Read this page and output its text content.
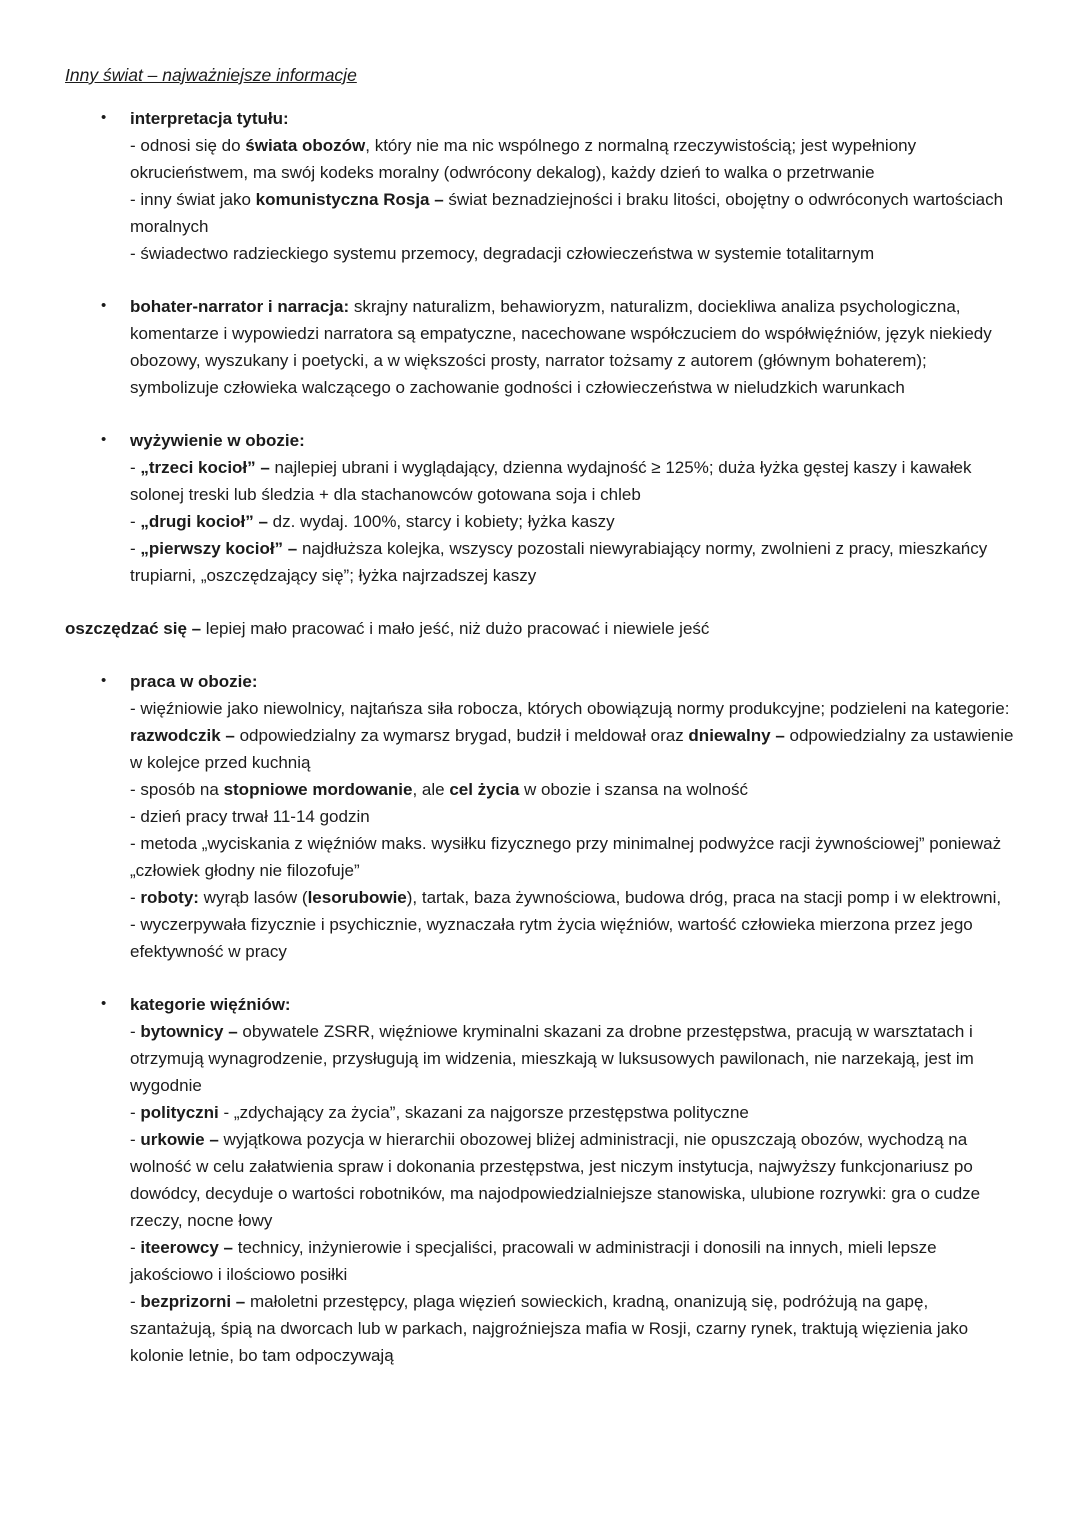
Inny świat – najważniejsze informacje
• interpretacja tytułu:
- odnosi się do świata obozów, który nie ma nic wspólnego z normalną rzeczywistością; jest wypełniony okrucieństwem, ma swój kodeks moralny (odwrócony dekalog), każdy dzień to walka o przetrwanie
- inny świat jako komunistyczna Rosja – świat beznadziejności i braku litości, obojętny o odwróconych wartościach moralnych
- świadectwo radzieckiego systemu przemocy, degradacji człowieczeństwa w systemie totalitarnym
• bohater-narrator i narracja: skrajny naturalizm, behawioryzm, naturalizm, dociekliwa analiza psychologiczna, komentarze i wypowiedzi narratora są empatyczne, nacechowane współczuciem do współwięźniów, język niekiedy obozowy, wyszukany i poetycki, a w większości prosty, narrator tożsamy z autorem (głównym bohaterem); symbolizuje człowieka walczącego o zachowanie godności i człowieczeństwa w nieludzkich warunkach
• wyżywienie w obozie:
- „trzeci kocioł” – najlepiej ubrani i wyglądający, dzienna wydajność ≥ 125%; duża łyżka gęstej kaszy i kawałek solonej treski lub śledzia + dla stachanowców gotowana soja i chleb
- „drugi kocioł” – dz. wydaj. 100%, starcy i kobiety; łyżka kaszy
- „pierwszy kocioł” – najdłuższa kolejka, wszyscy pozostali niewyrabiający normy, zwolnieni z pracy, mieszkańcy trupiarni, „oszczędzający się”; łyżka najrzadszej kaszy
oszczędzać się – lepiej mało pracować i mało jeść, niż dużo pracować i niewiele jeść
• praca w obozie:
- więźniowie jako niewolnicy, najtańsza siła robocza, których obowiązują normy produkcyjne; podzieleni na kategorie: razwodczik – odpowiedzialny za wymarsz brygad, budził i meldował oraz dniewalny – odpowiedzialny za ustawienie w kolejce przed kuchnią
- sposób na stopniowe mordowanie, ale cel życia w obozie i szansa na wolność
- dzień pracy trwał 11-14 godzin
- metoda „wyciskania z więźniów maks. wysiłku fizycznego przy minimalnej podwyżce racji żywnościowej” ponieważ „człowiek głodny nie filozofuje”
- roboty: wyrąb lasów (lesorubowie), tartak, baza żywnościowa, budowa dróg, praca na stacji pomp i w elektrowni,
- wyczerpywała fizycznie i psychicznie, wyznaczała rytm życia więźniów, wartość człowieka mierzona przez jego efektywność w pracy
• kategorie więźniów:
- bytownicy – obywatele ZSRR, więźniowe kryminalni skazani za drobne przestępstwa, pracują w warsztatach i otrzymują wynagrodzenie, przysługują im widzenia, mieszkają w luksusowych pawilonach, nie narzekają, jest im wygodnie
- polityczni - „zdychający za życia”, skazani za najgorsze przestępstwa polityczne
- urkowie – wyjątkowa pozycja w hierarchii obozowej bliżej administracji, nie opuszczają obozów, wychodzą na wolność w celu załatwienia spraw i dokonania przestępstwa, jest niczym instytucja, najwyższy funkcjonariusz po dowódcy, decyduje o wartości robotników, ma najodpowiedzialniejsze stanowiska, ulubione rozrywki: gra o cudze rzeczy, nocne łowy
- iteerowcy – technicy, inżynierowie i specjaliści, pracowali w administracji i donosili na innych, mieli lepsze jakościowo i ilościowo posiłki
- bezprizorni – małoletni przestępcy, plaga więzień sowieckich, kradną, onanizują się, podróżują na gapę, szantażują, śpią na dworcach lub w parkach, najgroźniejsza mafia w Rosji, czarny rynek, traktują więzienia jako kolonie letnie, bo tam odpoczywają
